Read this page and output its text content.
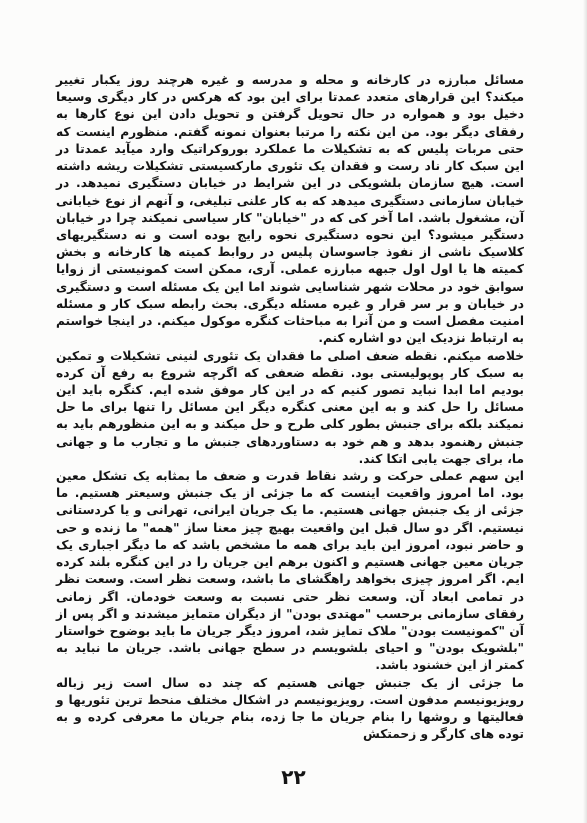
مسائل مبارزه در کارخانه و محله و مدرسه و غیره هرچند روز یکبار تغییر میکند؟ این قرارهای متعدد عمدتا برای این بود که هرکس در کار دیگری وسیعا دخیل بود و همواره در حال تحویل گرفتن و تحویل دادن این نوع کارها به رفقای دیگر بود. من این نکته را مرتبا بعنوان نمونه گفتم. منظورم اینست که حتی مربات پلیس که به تشکیلات ما عملکرد بوروکراتیک وارد میآید عمدتا در این سبک کار ناد رست و فقدان یک تئوری مارکسیستی تشکیلات ریشه داشته است. هیچ سازمان بلشویکی در این شرایط در خیابان دستگیری نمیدهد. در خیابان سازمانی دستگیری میدهد که به کار علنی تبلیغی، و آنهم از نوع خیابانی آن، مشغول باشد. اما آخر کی که در "خیابان" کار سیاسی نمیکند چرا در خیابان دستگیر میشود؟ این نحوه دستگیری نحوه رایج بوده است و نه دستگیریهای کلاسیک ناشی از نفوذ جاسوسان پلیس در روابط کمیته ها کارخانه و بخش کمیته ها یا اول اول جبهه مبارزه عملی. آری، ممکن است کمونیستی از زوایا سوابق خود در محلات شهر شناسایی شوند اما این یک مسئله است و دستگیری در خیابان و بر سر قرار و غیره مسئله دیگری. بحث رابطه سبک کار و مسئله امنیت مفصل است و من آنرا به مباحثات کنگره موکول میکنم. در اینجا خواستم به ارتباط نزدیک این دو اشاره کنم.

خلاصه میکنم. نقطه ضعف اصلی ما فقدان یک تئوری لنینی تشکیلات و تمکین به سبک کار پوپولیستی بود. نقطه ضعفی که اگرچه شروع به رفع آن کرده بودیم اما ابدا نباید تصور کنیم که در این کار موفق شده ایم. کنگره باید این مسائل را حل کند و به این معنی کنگره دیگر این مسائل را تنها برای ما حل نمیکند بلکه برای جنبش بطور کلی طرح و حل میکند و به این منظورهم باید به جنبش رهنمود بدهد و هم خود به دستاوردهای جنبش ما و تجارب ما و جهانی ما، برای جهت یابی اتکا کند.

این سهم عملی حرکت و رشد نقاط قدرت و ضعف ما بمثابه یک تشکل معین بود. اما امروز واقعیت اینست که ما جزئی از یک جنبش وسیعتر هستیم. ما جزئی از یک جنبش جهانی هستیم. ما یک جریان ایرانی، تهرانی و یا کردستانی نیستیم. اگر دو سال قبل این واقعیت بهیچ چیز معنا ساز "همه" ما زنده و حی و حاضر نبود، امروز این باید برای همه ما مشخص باشد که ما دیگر اجباری یک جریان معین جهانی هستیم و اکنون برهم این جریان را در این کنگره بلند کرده ایم. اگر امروز چیزی بخواهد راهگشای ما باشد، وسعت نظر است. وسعت نظر در تمامی ابعاد آن. وسعت نظر حتی نسبت به وسعت خودمان. اگر زمانی رفقای سازمانی برحسب "مهتدی بودن" از دیگران متمایز میشدند و اگر پس از آن "کمونیست بودن" ملاک تمایز شد، امروز دیگر جریان ما باید بوضوح خواستار "بلشویک بودن" و احیای بلشویسم در سطح جهانی باشد. جریان ما نباید به کمتر از این خشنود باشد.

ما جزئی از یک جنبش جهانی هستیم که چند ده سال است زیر زباله رویزیونیسم مدفون است. رویزیونیسم در اشکال مختلف منحط ترین تئوریها و فعالیتها و روشها را بنام جریان ما جا زده، بنام جریان ما معرفی کرده و به توده های کارگر و زحمتکش

۲۲
